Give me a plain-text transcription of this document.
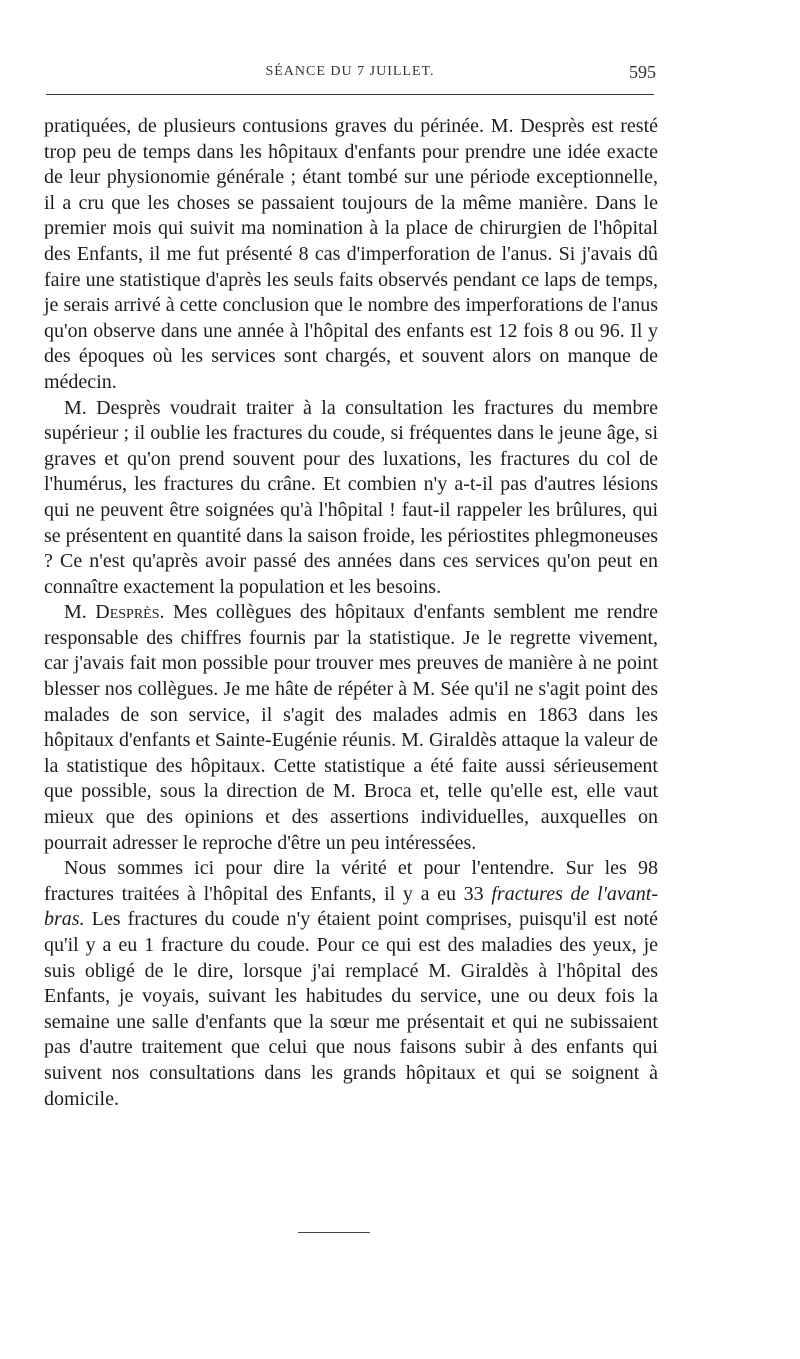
SÉANCE DU 7 JUILLET.	595

pratiquées, de plusieurs contusions graves du périnée. M. Desprès est resté trop peu de temps dans les hôpitaux d'enfants pour prendre une idée exacte de leur physionomie générale ; étant tombé sur une période exceptionnelle, il a cru que les choses se passaient toujours de la même manière. Dans le premier mois qui suivit ma nomination à la place de chirurgien de l'hôpital des Enfants, il me fut présenté 8 cas d'imperforation de l'anus. Si j'avais dû faire une statistique d'après les seuls faits observés pendant ce laps de temps, je serais arrivé à cette conclusion que le nombre des imperforations de l'anus qu'on observe dans une année à l'hôpital des enfants est 12 fois 8 ou 96. Il y des époques où les services sont chargés, et souvent alors on manque de médecin.

M. Desprès voudrait traiter à la consultation les fractures du membre supérieur ; il oublie les fractures du coude, si fréquentes dans le jeune âge, si graves et qu'on prend souvent pour des luxations, les fractures du col de l'humérus, les fractures du crâne. Et combien n'y a-t-il pas d'autres lésions qui ne peuvent être soignées qu'à l'hôpital ! faut-il rappeler les brûlures, qui se présentent en quantité dans la saison froide, les périostites phlegmoneuses ? Ce n'est qu'après avoir passé des années dans ces services qu'on peut en connaître exactement la population et les besoins.

M. Desprès. Mes collègues des hôpitaux d'enfants semblent me rendre responsable des chiffres fournis par la statistique. Je le regrette vivement, car j'avais fait mon possible pour trouver mes preuves de manière à ne point blesser nos collègues. Je me hâte de répéter à M. Sée qu'il ne s'agit point des malades de son service, il s'agit des malades admis en 1863 dans les hôpitaux d'enfants et Sainte-Eugénie réunis. M. Giraldès attaque la valeur de la statistique des hôpitaux. Cette statistique a été faite aussi sérieusement que possible, sous la direction de M. Broca et, telle qu'elle est, elle vaut mieux que des opinions et des assertions individuelles, auxquelles on pourrait adresser le reproche d'être un peu intéressées.

Nous sommes ici pour dire la vérité et pour l'entendre. Sur les 98 fractures traitées à l'hôpital des Enfants, il y a eu 33 fractures de l'avant-bras. Les fractures du coude n'y étaient point comprises, puisqu'il est noté qu'il y a eu 1 fracture du coude. Pour ce qui est des maladies des yeux, je suis obligé de le dire, lorsque j'ai remplacé M. Giraldès à l'hôpital des Enfants, je voyais, suivant les habitudes du service, une ou deux fois la semaine une salle d'enfants que la sœur me présentait et qui ne subissaient pas d'autre traitement que celui que nous faisons subir à des enfants qui suivent nos consultations dans les grands hôpitaux et qui se soignent à domicile.
